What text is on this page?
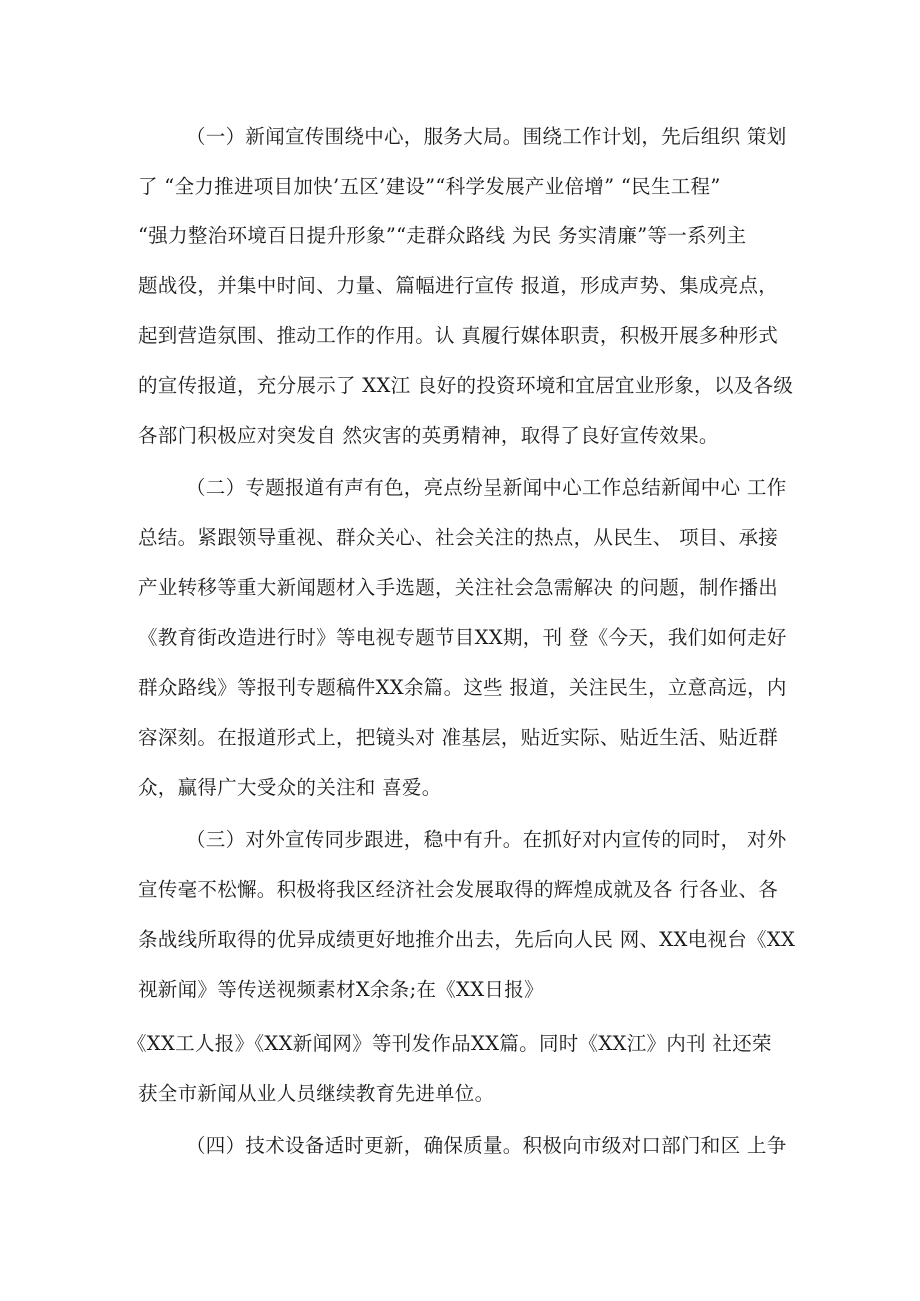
（一）新闻宣传围绕中心，服务大局。围绕工作计划，先后组织 策划
了 “全力推进项目加快’五区’建设”“科学发展产业倍增” “民生工程”
“强力整治环境百日提升形象”“走群众路线 为民 务实清廉”等一系列主
题战役，并集中时间、力量、篇幅进行宣传 报道，形成声势、集成亮点，
起到营造氛围、推动工作的作用。认 真履行媒体职责，积极开展多种形式
的宣传报道，充分展示了 XX江 良好的投资环境和宜居宜业形象，以及各级
各部门积极应对突发自 然灾害的英勇精神，取得了良好宣传效果。
（二）专题报道有声有色，亮点纷呈新闻中心工作总结新闻中心 工作
总结。紧跟领导重视、群众关心、社会关注的热点，从民生、 项目、承接
产业转移等重大新闻题材入手选题，关注社会急需解决 的问题，制作播出
《教育街改造进行时》等电视专题节目XX期，刊 登《今天，我们如何走好
群众路线》等报刊专题稿件XX余篇。这些 报道，关注民生，立意高远，内
容深刻。在报道形式上，把镜头对 准基层，贴近实际、贴近生活、贴近群
众，赢得广大受众的关注和 喜爱。
（三）对外宣传同步跟进，稳中有升。在抓好对内宣传的同时， 对外
宣传毫不松懈。积极将我区经济社会发展取得的辉煌成就及各 行各业、各
条战线所取得的优异成绩更好地推介出去，先后向人民 网、XX电视台《XX
视新闻》等传送视频素材X余条;在《XX日报》
《XX工人报》《XX新闻网》等刊发作品XX篇。同时《XX江》内刊 社还荣
获全市新闻从业人员继续教育先进单位。
（四）技术设备适时更新，确保质量。积极向市级对口部门和区 上争
